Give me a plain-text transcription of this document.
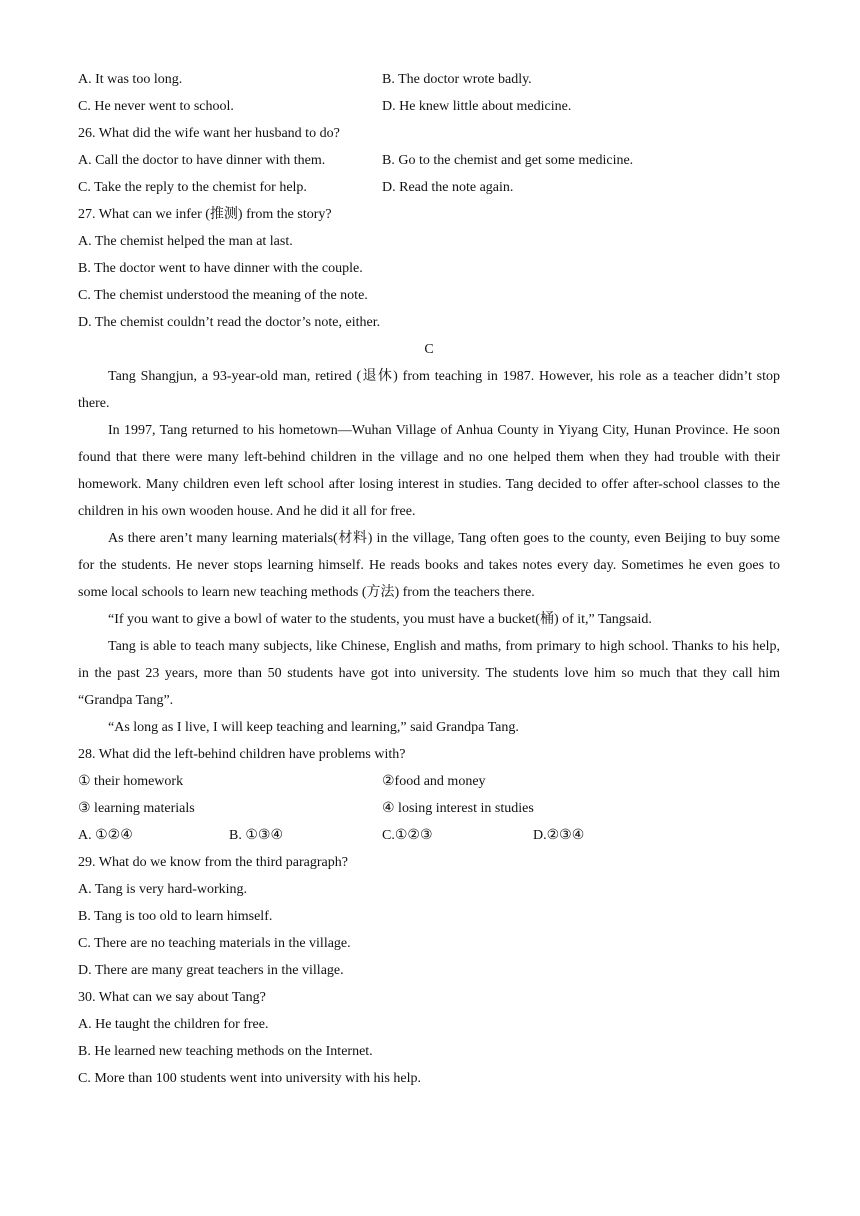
A. It was too long.	B. The doctor wrote badly.
C. He never went to school.	D. He knew little about medicine.
26. What did the wife want her husband to do?
A. Call the doctor to have dinner with them.	B. Go to the chemist and get some medicine.
C. Take the reply to the chemist for help.	D. Read the note again.
27. What can we infer (推测) from the story?
A. The chemist helped the man at last.
B. The doctor went to have dinner with the couple.
C. The chemist understood the meaning of the note.
D. The chemist couldn’t read the doctor’s note, either.
C
Tang Shangjun, a 93-year-old man, retired (退休) from teaching in 1987. However, his role as a teacher didn’t stop there.
In 1997, Tang returned to his hometown—Wuhan Village of Anhua County in Yiyang City, Hunan Province. He soon found that there were many left-behind children in the village and no one helped them when they had trouble with their homework. Many children even left school after losing interest in studies. Tang decided to offer after-school classes to the children in his own wooden house. And he did it all for free.
As there aren’t many learning materials(材料) in the village, Tang often goes to the county, even Beijing to buy some for the students. He never stops learning himself. He reads books and takes notes every day. Sometimes he even goes to some local schools to learn new teaching methods (方法) from the teachers there.
“If you want to give a bowl of water to the students, you must have a bucket(桶) of it,” Tangsaid.
Tang is able to teach many subjects, like Chinese, English and maths, from primary to high school. Thanks to his help, in the past 23 years, more than 50 students have got into university. The students love him so much that they call him “Grandpa Tang”.
“As long as I live, I will keep teaching and learning,” said Grandpa Tang.
28. What did the left-behind children have problems with?
① their homework	②food and money
③ learning materials	④ losing interest in studies
A. ①②④	B. ①③④	C.①②③	D.②③④
29. What do we know from the third paragraph?
A. Tang is very hard-working.
B. Tang is too old to learn himself.
C. There are no teaching materials in the village.
D. There are many great teachers in the village.
30. What can we say about Tang?
A. He taught the children for free.
B. He learned new teaching methods on the Internet.
C. More than 100 students went into university with his help.
